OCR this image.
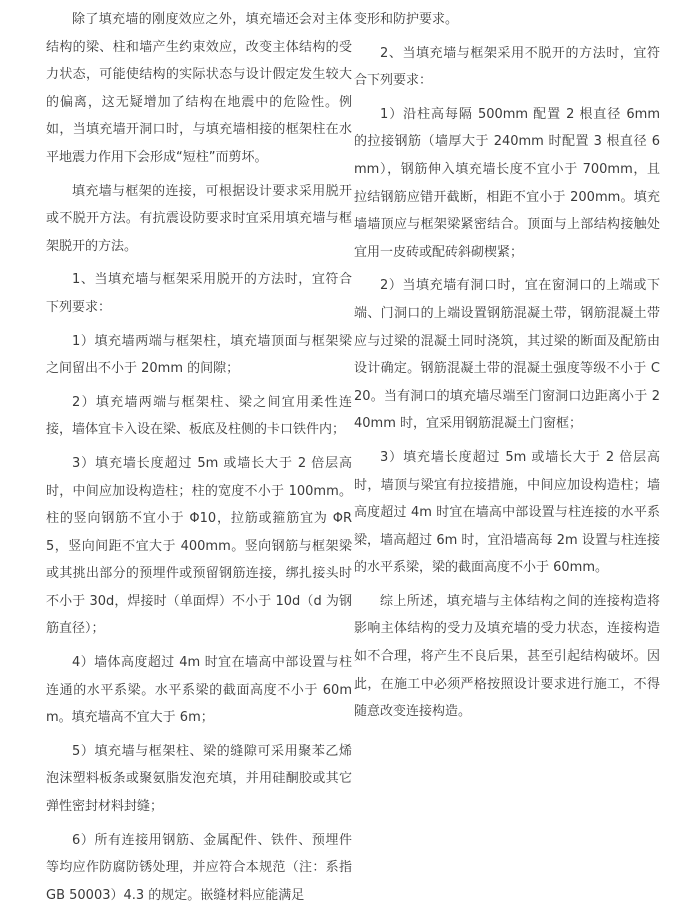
除了填充墙的刚度效应之外，填充墙还会对主体结构的梁、柱和墙产生约束效应，改变主体结构的受力状态，可能使结构的实际状态与设计假定发生较大的偏离，这无疑增加了结构在地震中的危险性。例如，当填充墙开洞口时，与填充墙相接的框架柱在水平地震力作用下会形成“短柱”而剪坏。

填充墙与框架的连接，可根据设计要求采用脱开或不脱开方法。有抗震设防要求时宜采用填充墙与框架脱开的方法。

1、当填充墙与框架采用脱开的方法时，宜符合下列要求：

1）填充墙两端与框架柱，填充墙顶面与框架梁之间留出不小于 20mm 的间隙；

2）填充墙两端与框架柱、梁之间宜用柔性连接，墙体宜卡入设在梁、板底及柱侧的卡口铁件内；

3）填充墙长度超过 5m 或墙长大于 2 倍层高时，中间应加设构造柱；柱的宽度不小于 100mm。柱的竖向钢筋不宜小于 Φ10，拉筋或箍筋宜为 ΦR5，竖向间距不宜大于 400mm。竖向钢筋与框架梁或其挑出部分的预埋件或预留钢筋连接，绑扎接头时不小于 30d，焊接时（单面焊）不小于 10d（d 为钢筋直径）；

4）墙体高度超过 4m 时宜在墙高中部设置与柱连通的水平系梁。水平系梁的截面高度不小于 60mm。填充墙高不宜大于 6m；

5）填充墙与框架柱、梁的缝隙可采用聚苯乙烯泡沫塑料板条或聚氨脂发泡充填，并用硅酮胶或其它弹性密封材料封缝；

6）所有连接用钢筋、金属配件、铁件、预埋件等均应作防腐防锈处理，并应符合本规范（注：系指 GB 50003）4.3 的规定。嵌缝材料应能满足

变形和防护要求。

2、当填充墙与框架采用不脱开的方法时，宜符合下列要求：

1）沿柱高每隔 500mm 配置 2 根直径 6mm 的拉接钢筋（墙厚大于 240mm 时配置 3 根直径 6mm），钢筋伸入填充墙长度不宜小于 700mm，且拉结钢筋应错开截断，相距不宜小于 200mm。填充墙墙顶应与框架梁紧密结合。顶面与上部结构接触处宜用一皮砖或配砖斜砌楔紧；

2）当填充墙有洞口时，宜在窗洞口的上端或下端、门洞口的上端设置钢筋混凝土带，钢筋混凝土带应与过梁的混凝土同时浇筑，其过梁的断面及配筋由设计确定。钢筋混凝土带的混凝土强度等级不小于 C20。当有洞口的填充墙尽端至门窗洞口边距离小于 240mm 时，宜采用钢筋混凝土门窗框；

3）填充墙长度超过 5m 或墙长大于 2 倍层高时，墙顶与梁宜有拉接措施，中间应加设构造柱；墙高度超过 4m 时宜在墙高中部设置与柱连接的水平系梁，墙高超过 6m 时，宜沿墙高每 2m 设置与柱连接的水平系梁，梁的截面高度不小于 60mm。

综上所述，填充墙与主体结构之间的连接构造将影响主体结构的受力及填充墙的受力状态，连接构造如不合理，将产生不良后果，甚至引起结构破坏。因此，在施工中必须严格按照设计要求进行施工，不得随意改变连接构造。
